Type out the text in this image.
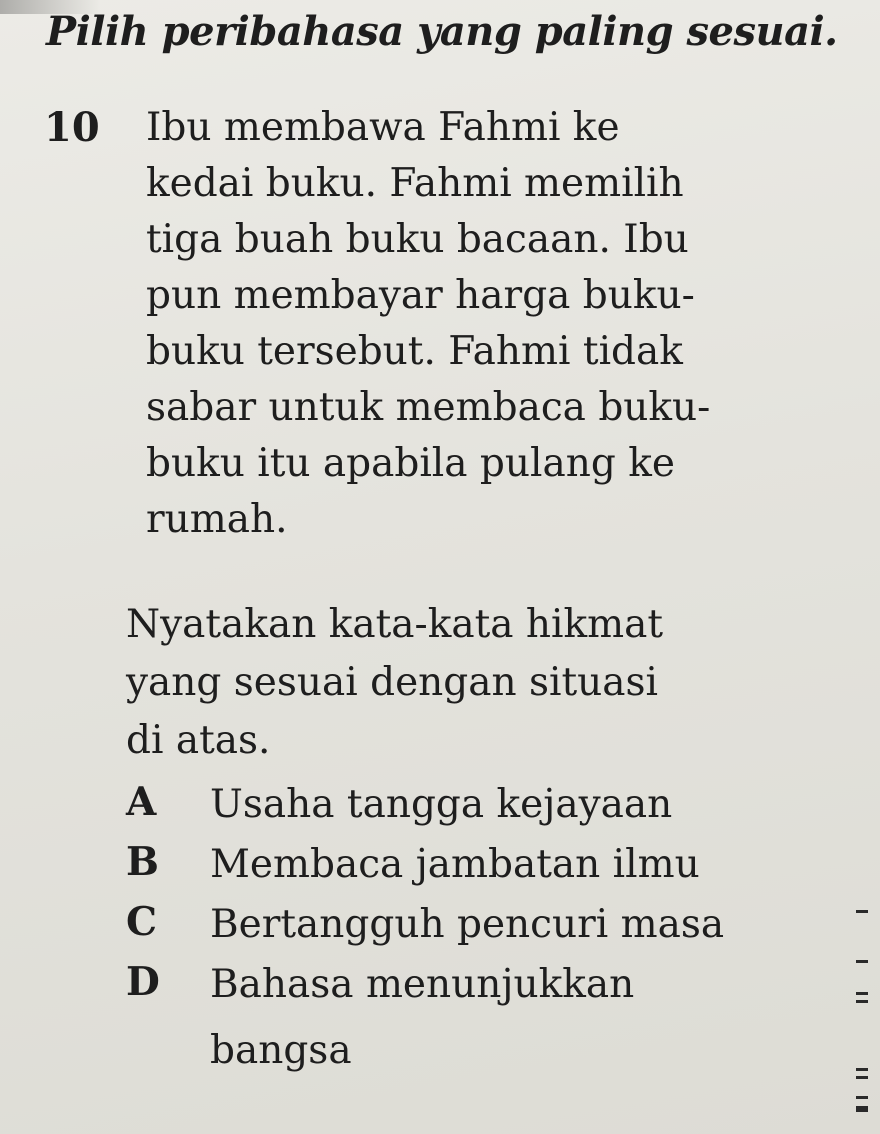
Pilih peribahasa yang paling sesuai.
10 Ibu membawa Fahmi ke
kedai buku. Fahmi memilih
tiga buah buku bacaan. Ibu
pun membayar harga buku-
buku tersebut. Fahmi tidak
sabar untuk membaca buku-
buku itu apabila pulang ke
rumah.
Nyatakan kata-kata hikmat
yang sesuai dengan situasi
di atas.
A	Usaha tangga kejayaan
B	Membaca jambatan ilmu
C	Bertangguh pencuri masa
D	Bahasa menunjukkan
bangsa
